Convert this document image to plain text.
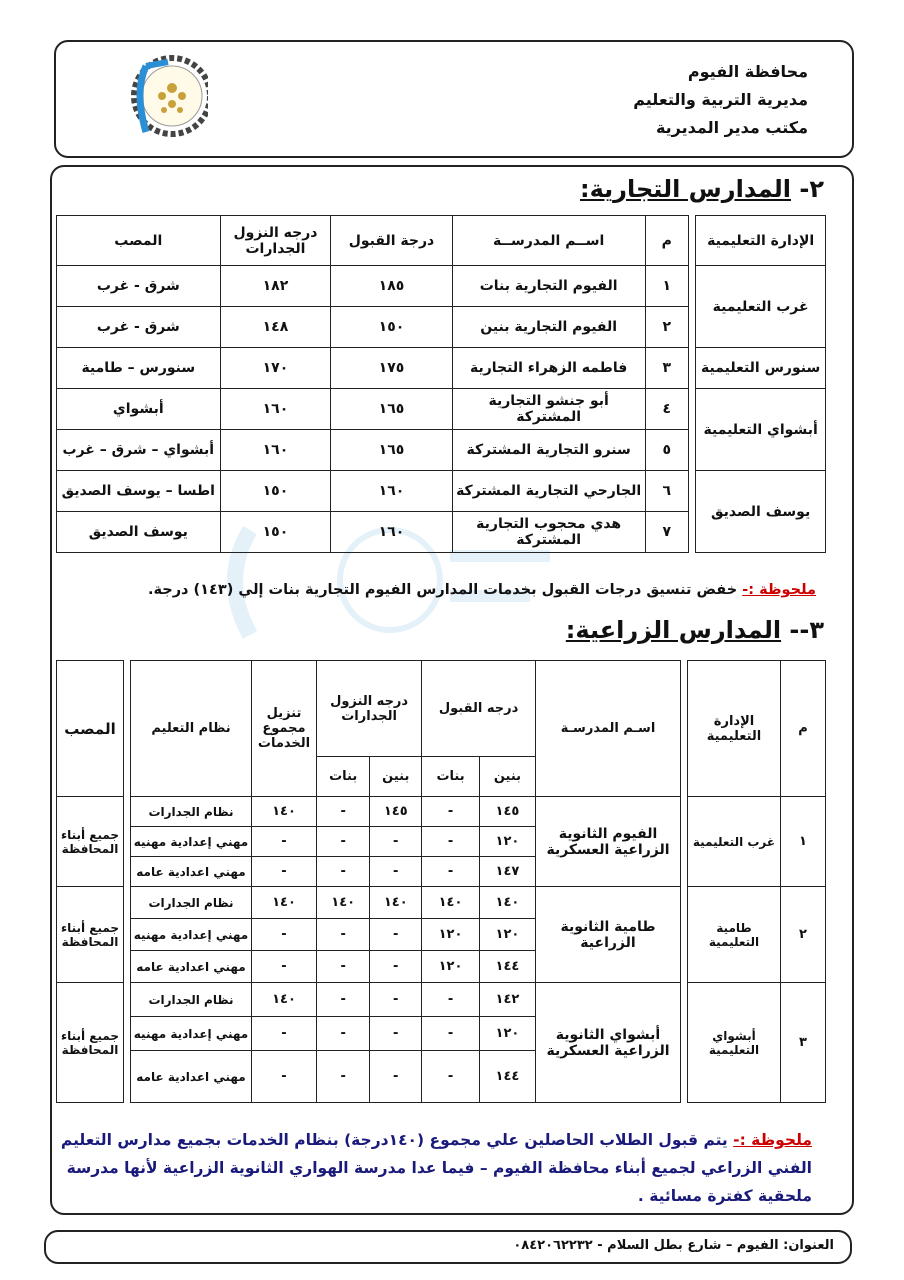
محافظة الفيوم
مديرية التربية والتعليم
مكتب مدير المديرية
٢- المدارس التجارية:
الإدارة التعليمية		م	اســم المدرســة	درجة القبول	درجه النزول الجدارات	المصب
غرب التعليمية		١	الفيوم التجارية بنات	١٨٥	١٨٢	شرق - غرب
		٢	الفيوم التجارية بنين	١٥٠	١٤٨	شرق - غرب
سنورس التعليمية		٣	فاطمه الزهراء التجارية	١٧٥	١٧٠	سنورس – طامية
أبشواي التعليمية		٤	أبو جنشو التجارية المشتركة	١٦٥	١٦٠	أبشواي
		٥	سنرو التجارية المشتركة	١٦٥	١٦٠	أبشواي – شرق – غرب
يوسف الصديق		٦	الجارحي التجارية المشتركة	١٦٠	١٥٠	اطسا – يوسف الصديق
		٧	هدي محجوب التجارية المشتركة	١٦٠	١٥٠	يوسف الصديق
ملحوظة :- خفض تنسيق درجات القبول بخدمات المدارس الفيوم التجارية بنات إلي (١٤٣) درجة.
٣-- المدارس الزراعية:
م	الإدارة التعليمية		اسـم المدرسـة	درجه القبول		درجه النزول الجدارات		تنزيل مجموع الخدمات	نظام التعليم		المصب
				بنين	بنات	بنين	بنات				
١	غرب التعليمية		الفيوم الثانوية الزراعية العسكرية	١٤٥	-	١٤٥	-	١٤٠	نظام الجدارات		جميع أبناء المحافظة
				١٢٠	-	-	-	-	مهني إعدادية مهنيه		
				١٤٧	-	-	-	-	مهني اعدادية عامه		
٢	طامية التعليمية		طامية الثانوية الزراعية	١٤٠	١٤٠	١٤٠	١٤٠	١٤٠	نظام الجدارات		جميع أبناء المحافظة
				١٢٠	١٢٠	-	-	-	مهني إعدادية مهنيه		
				١٤٤	١٢٠	-	-	-	مهني اعدادية عامه		
٣	أبشواي التعليمية		أبشواي الثانوية الزراعية العسكرية	١٤٢	-	-	-	١٤٠	نظام الجدارات		جميع أبناء المحافظة
				١٢٠	-	-	-	-	مهني إعدادية مهنيه		
				١٤٤	-	-	-	-	مهني اعدادية عامه		
ملحوظة :- يتم قبول الطلاب الحاصلين علي مجموع (١٤٠درجة) بنظام الخدمات بجميع مدارس التعليم الفني الزراعي لجميع أبناء محافظة الفيوم – فيما عدا مدرسة الهواري الثانوية الزراعية لأنها مدرسة ملحقية كفترة مسائية .
العنوان: الفيوم – شارع بطل السلام - ٠٨٤٢٠٦٢٢٣٢
